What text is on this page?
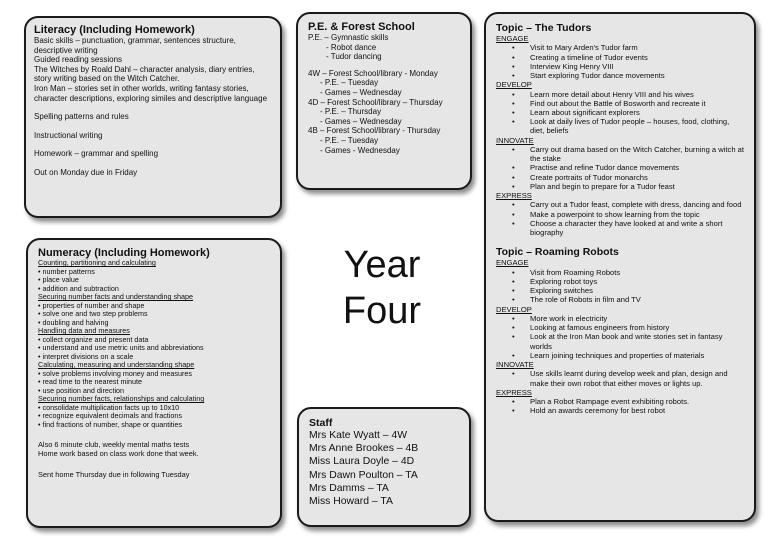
Literacy (Including Homework)

Basic skills – punctuation, grammar, sentences structure, descriptive writing

Guided reading sessions

The Witches by Roald Dahl – character analysis, diary entries, story writing based on the Witch Catcher.

Iron Man – stories set in other worlds, writing fantasy stories, character descriptions, exploring similes and descriptive language

Spelling patterns and rules

Instructional writing

Homework – grammar and spelling

Out on Monday due in Friday

P.E. & Forest School

P.E. – Gymnastic skills

- Robot dance

- Tudor dancing

4W – Forest School/library - Monday

- P.E. – Tuesday

- Games – Wednesday

4D – Forest School/library – Thursday

- P.E. – Thursday

- Games – Wednesday

4B – Forest School/library - Thursday

- P.E. – Tuesday

- Games - Wednesday

Year
Four
Numeracy (Including Homework)

Counting, partitioning and calculating

• number patterns

• place value

• addition and subtraction

Securing number facts and understanding shape

• properties of number and shape

• solve one and two step problems

• doubling and halving

Handling data and measures

• collect organize and present data

• understand and use metric units and abbreviations

• interpret divisions on a scale

Calculating, measuring and understanding shape

• solve problems involving money and measures

• read time to the nearest minute

• use position and direction

Securing number facts, relationships and calculating

• consolidate multiplication facts up to 10x10

• recognize equivalent decimals and fractions

• find fractions of number, shape or quantities

Also 6 minute club, weekly mental maths tests

Home work based on class work done that week.

Sent home Thursday due in following Tuesday

Staff

Mrs Kate Wyatt – 4W

Mrs Anne Brookes – 4B

Miss Laura Doyle – 4D

Mrs Dawn Poulton – TA

Mrs Damms – TA

Miss Howard – TA

Topic – The Tudors
ENGAGE
• Visit to Mary Arden's Tudor farm
• Creating a timeline of Tudor events
• Interview King Henry VIII
• Start exploring Tudor dance movements
DEVELOP
• Learn more detail about Henry VIII and his wives
• Find out about the Battle of Bosworth and recreate it
• Learn about significant explorers
• Look at daily lives of Tudor people – houses, food, clothing, diet, beliefs
INNOVATE
• Carry out drama based on the Witch Catcher, burning a witch at the stake
• Practise and refine Tudor dance movements
• Create portraits of Tudor monarchs
• Plan and begin to prepare for a Tudor feast
EXPRESS
• Carry out a Tudor feast, complete with dress, dancing and food
• Make a powerpoint to show learning from the topic
• Choose a character they have looked at and write a short biography
Topic – Roaming Robots
ENGAGE
• Visit from Roaming Robots
• Exploring robot toys
• Exploring switches
• The role of Robots in film and TV
DEVELOP
• More work in electricity
• Looking at famous engineers from history
• Look at the Iron Man book and write stories set in fantasy worlds
• Learn joining techniques and properties of materials
INNOVATE
• Use skills learnt during develop week and plan, design and make their own robot that either moves or lights up.
EXPRESS
• Plan a Robot Rampage event exhibiting robots.
• Hold an awards ceremony for best robot
